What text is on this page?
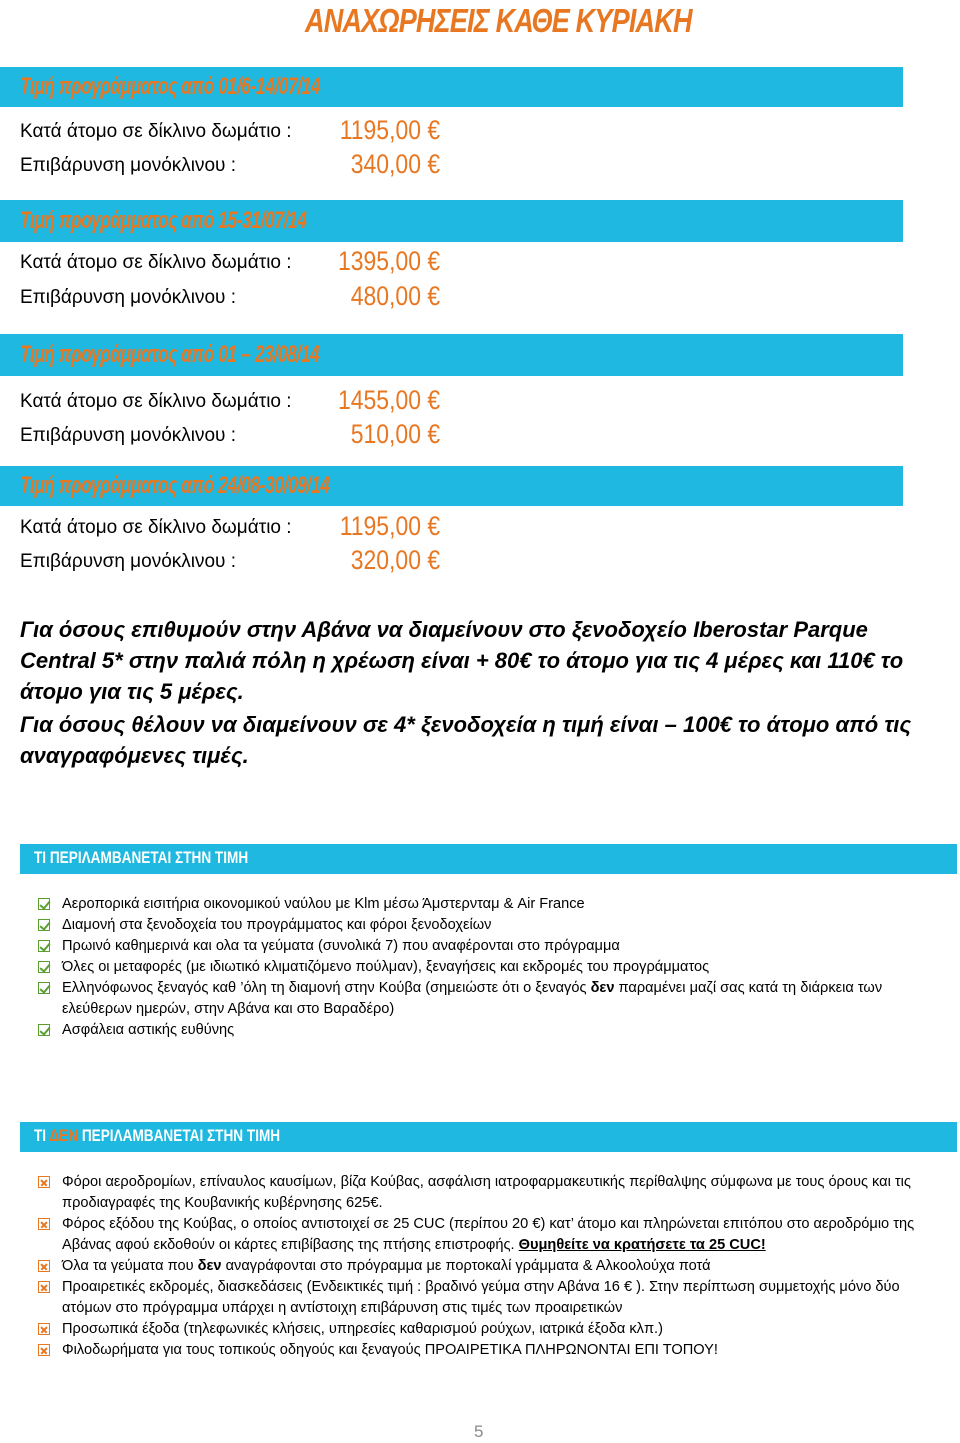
ΑΝΑΧΩΡΗΣΕΙΣ ΚΑΘΕ ΚΥΡΙΑΚΗ
Τιμή προγράμματος από 01/6-14/07/14
Κατά άτομο σε δίκλινο δωμάτιο : 1195,00 €
Επιβάρυνση μονόκλινου :	340,00 €
Τιμή προγράμματος από 15-31/07/14
Κατά άτομο σε δίκλινο δωμάτιο : 1395,00 €
Επιβάρυνση μονόκλινου :	480,00 €
Τιμή προγράμματος από 01 – 23/08/14
Κατά άτομο σε δίκλινο δωμάτιο : 1455,00 €
Επιβάρυνση μονόκλινου :	510,00 €
Τιμή προγράμματος από 24/08-30/09/14
Κατά άτομο σε δίκλινο δωμάτιο : 1195,00 €
Επιβάρυνση μονόκλινου :	320,00 €
Για όσους επιθυμούν στην Αβάνα να διαμείνουν στο ξενοδοχείο Iberostar Parque Central 5* στην παλιά πόλη η χρέωση είναι + 80€ το άτομο για τις 4 μέρες και 110€ το άτομο για τις 5 μέρες.
Για όσους θέλουν να διαμείνουν σε 4* ξενοδοχεία η τιμή είναι – 100€ το άτομο από τις αναγραφόμενες τιμές.
ΤΙ ΠΕΡΙΛΑΜΒΑΝΕΤΑΙ ΣΤΗΝ ΤΙΜΗ
Αεροπορικά εισιτήρια οικονομικού ναύλου με Klm μέσω Άμστερνταμ & Air France
Διαμονή στα ξενοδοχεία του προγράμματος και φόροι ξενοδοχείων
Πρωινό καθημερινά και ολα τα γεύματα (συνολικά 7) που αναφέρονται στο πρόγραμμα
Όλες οι μεταφορές (με ιδιωτικό κλιματιζόμενο πούλμαν), ξεναγήσεις και εκδρομές του προγράμματος
Ελληνόφωνος ξεναγός καθ ’όλη τη διαμονή στην Κούβα (σημειώστε ότι ο ξεναγός δεν παραμένει μαζί σας κατά τη διάρκεια των ελεύθερων ημερών, στην Αβάνα και στο Βαραδέρο)
Ασφάλεια αστικής ευθύνης
ΤΙ ΔΕΝ ΠΕΡΙΛΑΜΒΑΝΕΤΑΙ ΣΤΗΝ ΤΙΜΗ
Φόροι αεροδρομίων, επίναυλος καυσίμων, βίζα Κούβας, ασφάλιση ιατροφαρμακευτικής περίθαλψης σύμφωνα με τους όρους και τις προδιαγραφές της Κουβανικής κυβέρνησης 625€.
Φόρος εξόδου της Κούβας, ο οποίος αντιστοιχεί σε 25 CUC (περίπου 20 €) κατ’ άτομο και πληρώνεται επιτόπου στο αεροδρόμιο της Αβάνας αφού εκδοθούν οι κάρτες επιβίβασης της πτήσης επιστροφής. Θυμηθείτε να κρατήσετε τα 25 CUC!
Όλα τα γεύματα που δεν αναγράφονται στο πρόγραμμα με πορτοκαλί γράμματα & Αλκοολούχα ποτά
Προαιρετικές εκδρομές, διασκεδάσεις (Ενδεικτικές τιμή : βραδινό γεύμα στην Αβάνα 16 € ). Στην περίπτωση συμμετοχής μόνο δύο ατόμων στο πρόγραμμα υπάρχει η αντίστοιχη επιβάρυνση στις τιμές των προαιρετικών
Προσωπικά έξοδα (τηλεφωνικές κλήσεις, υπηρεσίες καθαρισμού ρούχων, ιατρικά έξοδα κλπ.)
Φιλοδωρήματα για τους τοπικούς οδηγούς και ξεναγούς ΠΡΟΑΙΡΕΤΙΚΑ ΠΛΗΡΩΝΟΝΤΑΙ ΕΠΙ ΤΟΠΟΥ!
5
